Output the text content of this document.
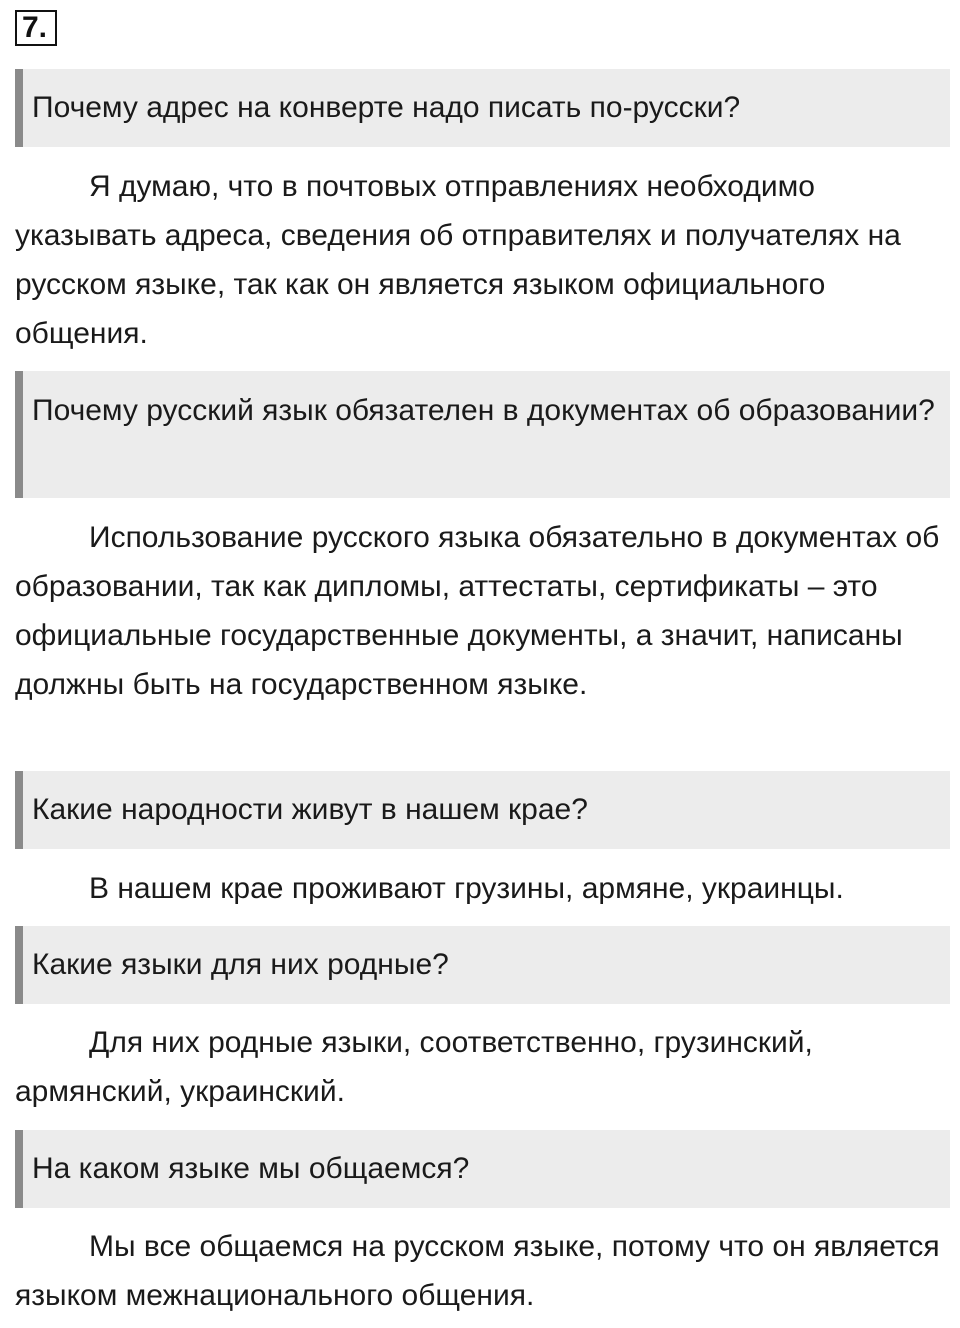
7.
Почему адрес на конверте надо писать по-русски?

Я думаю, что в почтовых отправлениях необходимо указывать адреса, сведения об отправителях и получателях на русском языке, так как он является языком официального общения.

Почему русский язык обязателен в документах об образовании?

Использование русского языка обязательно в документах об образовании, так как дипломы, аттестаты, сертификаты – это официальные государственные документы, а значит, написаны должны быть на государственном языке.

Какие народности живут в нашем крае?

В нашем крае проживают грузины, армяне, украинцы.

Какие языки для них родные?

Для них родные языки, соответственно, грузинский, армянский, украинский.

На каком языке мы общаемся?

Мы все общаемся на русском языке, потому что он является языком межнационального общения.
